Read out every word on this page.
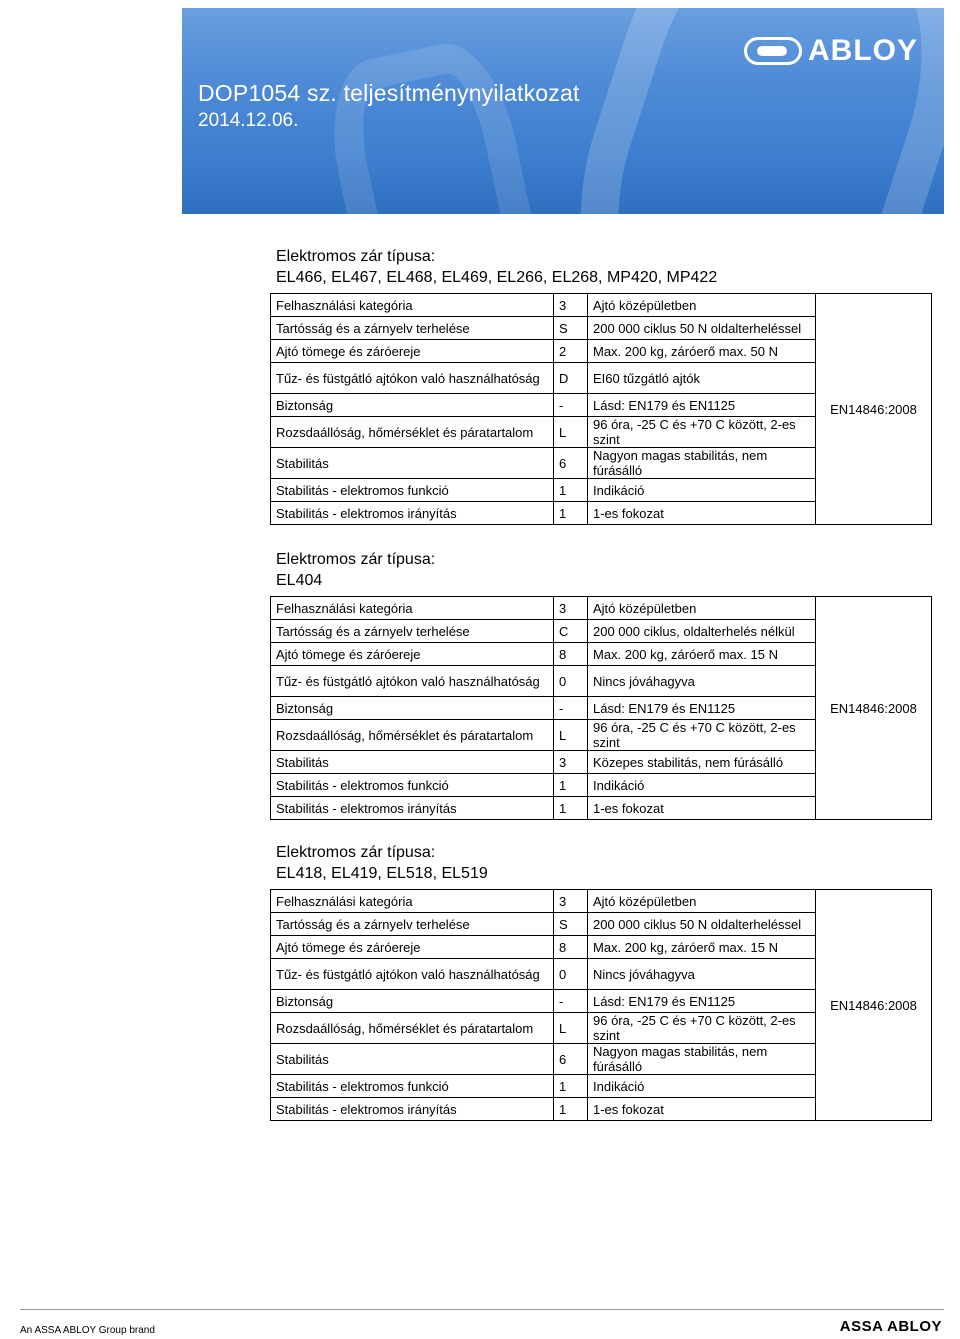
DOP1054 sz. teljesítménynyilatkozat
2014.12.06.
ABLOY
Elektromos zár típusa:
EL466, EL467, EL468, EL469, EL266, EL268, MP420, MP422
Felhasználási kategória	3	Ajtó középületben	EN14846:2008
Tartósság és a zárnyelv terhelése	S	200 000 ciklus 50 N oldalterheléssel	
Ajtó tömege és záróereje	2	Max. 200 kg, záróerő max. 50 N	
Tűz- és füstgátló ajtókon való használhatóság	D	EI60 tűzgátló ajtók	
Biztonság	-	Lásd: EN179 és EN1125	
Rozsdaállóság, hőmérséklet és páratartalom	L	96 óra, -25 C és +70 C között, 2-es szint	
Stabilitás	6	Nagyon magas stabilitás, nem fúrásálló	
Stabilitás - elektromos funkció	1	Indikáció	
Stabilitás - elektromos irányítás	1	1-es fokozat	
Elektromos zár típusa:
EL404
Felhasználási kategória	3	Ajtó középületben	EN14846:2008
Tartósság és a zárnyelv terhelése	C	200 000 ciklus, oldalterhelés nélkül	
Ajtó tömege és záróereje	8	Max. 200 kg, záróerő max. 15 N	
Tűz- és füstgátló ajtókon való használhatóság	0	Nincs jóváhagyva	
Biztonság	-	Lásd: EN179 és EN1125	
Rozsdaállóság, hőmérséklet és páratartalom	L	96 óra, -25 C és +70 C között, 2-es szint	
Stabilitás	3	Közepes stabilitás, nem fúrásálló	
Stabilitás - elektromos funkció	1	Indikáció	
Stabilitás - elektromos irányítás	1	1-es fokozat	
Elektromos zár típusa:
EL418, EL419, EL518, EL519
Felhasználási kategória	3	Ajtó középületben	EN14846:2008
Tartósság és a zárnyelv terhelése	S	200 000 ciklus 50 N oldalterheléssel	
Ajtó tömege és záróereje	8	Max. 200 kg, záróerő max. 15 N	
Tűz- és füstgátló ajtókon való használhatóság	0	Nincs jóváhagyva	
Biztonság	-	Lásd: EN179 és EN1125	
Rozsdaállóság, hőmérséklet és páratartalom	L	96 óra, -25 C és +70 C között, 2-es szint	
Stabilitás	6	Nagyon magas stabilitás, nem fúrásálló	
Stabilitás - elektromos funkció	1	Indikáció	
Stabilitás - elektromos irányítás	1	1-es fokozat	
An ASSA ABLOY Group brand	ASSA ABLOY
